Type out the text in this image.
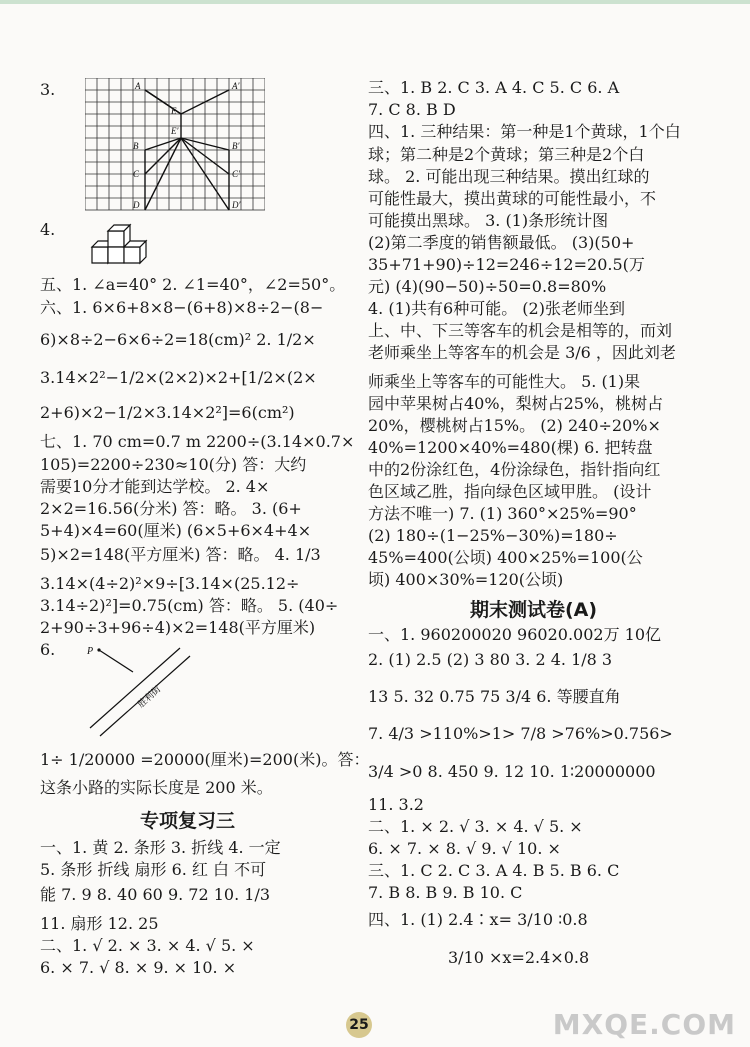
3.
4.
五、1. ∠a=40° 2. ∠1=40°，∠2=50°。
六、1. 6×6+8×8−(6+8)×8÷2−(8−
6)×8÷2−6×6÷2=18(cm)² 2. 1/2×
3.14×2²−1/2×(2×2)×2+[1/2×(2×
2+6)×2−1/2×3.14×2²]=6(cm²)
七、1. 70 cm=0.7 m 2200÷(3.14×0.7×
105)=2200÷230≈10(分) 答：大约
需要10分才能到达学校。 2. 4×
2×2=16.56(分米) 答：略。 3. (6+
5+4)×4=60(厘米) (6×5+6×4+4×
5)×2=148(平方厘米) 答：略。 4. 1/3
3.14×(4÷2)²×9÷[3.14×(25.12÷
3.14÷2)²]=0.75(cm) 答：略。 5. (40÷
2+90÷3+96÷4)×2=148(平方厘米)
6.
1÷ 1/20000 =20000(厘米)=200(米)。答：
这条小路的实际长度是 200 米。
专项复习三
一、1. 黄 2. 条形 3. 折线 4. 一定
5. 条形 折线 扇形 6. 红 白 不可
能 7. 9 8. 40 60 9. 72 10. 1/3
11. 扇形 12. 25
二、1. √ 2. × 3. × 4. √ 5. ×
6. × 7. √ 8. × 9. × 10. ×
A	A′
B	B′
C	C′
D	D′
E
E′
P
胜利街
三、1. B 2. C 3. A 4. C 5. C 6. A
7. C 8. B D
四、1. 三种结果：第一种是1个黄球，1个白
球；第二种是2个黄球；第三种是2个白
球。 2. 可能出现三种结果。摸出红球的
可能性最大，摸出黄球的可能性最小，不
可能摸出黑球。 3. (1)条形统计图
(2)第二季度的销售额最低。 (3)(50+
35+71+90)÷12=246÷12=20.5(万
元) (4)(90−50)÷50=0.8=80%
4. (1)共有6种可能。 (2)张老师坐到
上、中、下三等客车的机会是相等的，而刘
老师乘坐上等客车的机会是 3/6 ，因此刘老
师乘坐上等客车的可能性大。 5. (1)果
园中苹果树占40%，梨树占25%，桃树占
20%，樱桃树占15%。 (2) 240÷20%×
40%=1200×40%=480(棵) 6. 把转盘
中的2份涂红色，4份涂绿色，指针指向红
色区域乙胜，指向绿色区域甲胜。 (设计
方法不唯一) 7. (1) 360°×25%=90°
(2) 180÷(1−25%−30%)=180÷
45%=400(公顷) 400×25%=100(公
顷) 400×30%=120(公顷)
期末测试卷(A)
一、1. 960200020 96020.002万 10亿
2. (1) 2.5 (2) 3 80 3. 2 4. 1/8 3
13 5. 32 0.75 75 3/4 6. 等腰直角
7. 4/3 >110%>1> 7/8 >76%>0.756>
3/4 >0 8. 450 9. 12 10. 1∶20000000
11. 3.2
二、1. × 2. √ 3. × 4. √ 5. ×
6. × 7. × 8. √ 9. √ 10. ×
三、1. C 2. C 3. A 4. B 5. B 6. C
7. B 8. B 9. B 10. C
四、1. (1) 2.4∶x= 3/10 ∶0.8
3/10 ×x=2.4×0.8
25	MXQE.COM
